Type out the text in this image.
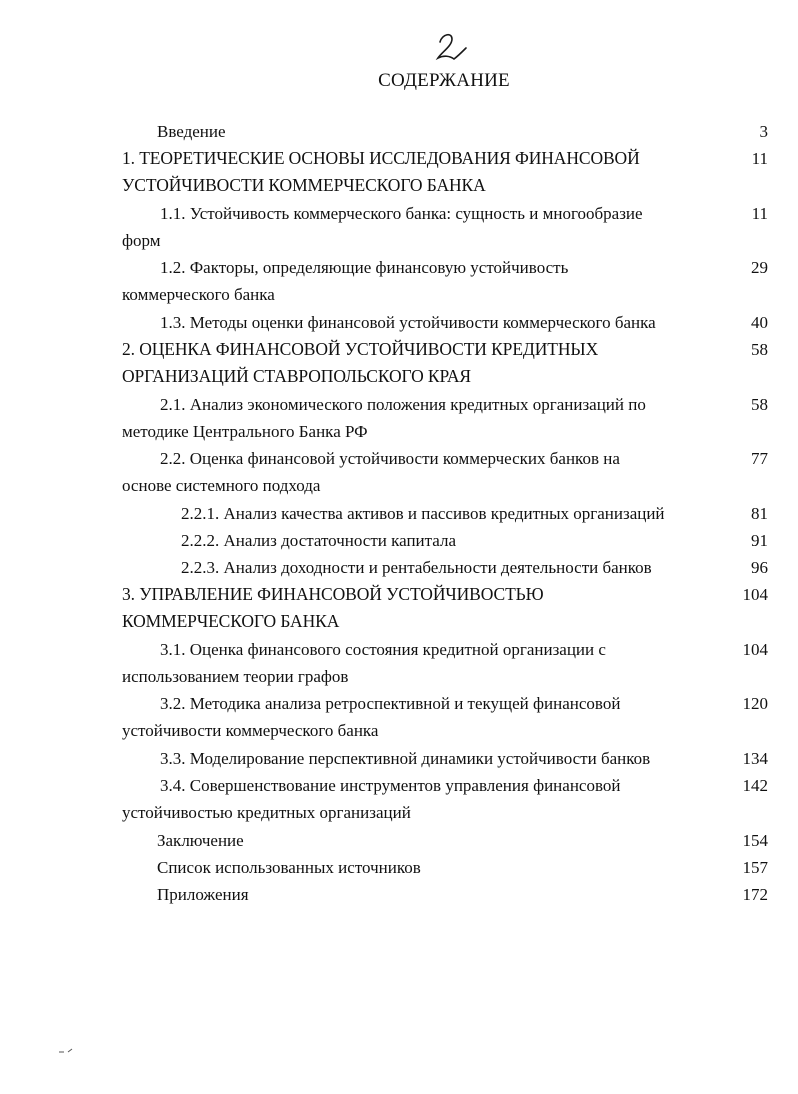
СОДЕРЖАНИЕ
Введение	3
1. ТЕОРЕТИЧЕСКИЕ ОСНОВЫ ИССЛЕДОВАНИЯ ФИНАНСОВОЙ	11
УСТОЙЧИВОСТИ КОММЕРЧЕСКОГО БАНКА
1.1. Устойчивость коммерческого банка: сущность и многообразие	11
форм
1.2. Факторы, определяющие финансовую устойчивость	29
коммерческого банка
1.3. Методы оценки финансовой устойчивости коммерческого банка	40
2. ОЦЕНКА ФИНАНСОВОЙ УСТОЙЧИВОСТИ КРЕДИТНЫХ	58
ОРГАНИЗАЦИЙ СТАВРОПОЛЬСКОГО КРАЯ
2.1. Анализ экономического положения кредитных организаций по	58
методике Центрального Банка РФ
2.2. Оценка финансовой устойчивости коммерческих банков на	77
основе системного подхода
2.2.1. Анализ качества активов и пассивов кредитных организаций	81
2.2.2. Анализ достаточности капитала	91
2.2.3. Анализ доходности и рентабельности деятельности банков	96
3. УПРАВЛЕНИЕ ФИНАНСОВОЙ УСТОЙЧИВОСТЬЮ	104
КОММЕРЧЕСКОГО БАНКА
3.1. Оценка финансового состояния кредитной организации с	104
использованием теории графов
3.2. Методика анализа ретроспективной и текущей финансовой	120
устойчивости коммерческого банка
3.3. Моделирование перспективной динамики устойчивости банков	134
3.4. Совершенствование инструментов управления финансовой	142
устойчивостью кредитных организаций
Заключение	154
Список использованных источников	157
Приложения	172
